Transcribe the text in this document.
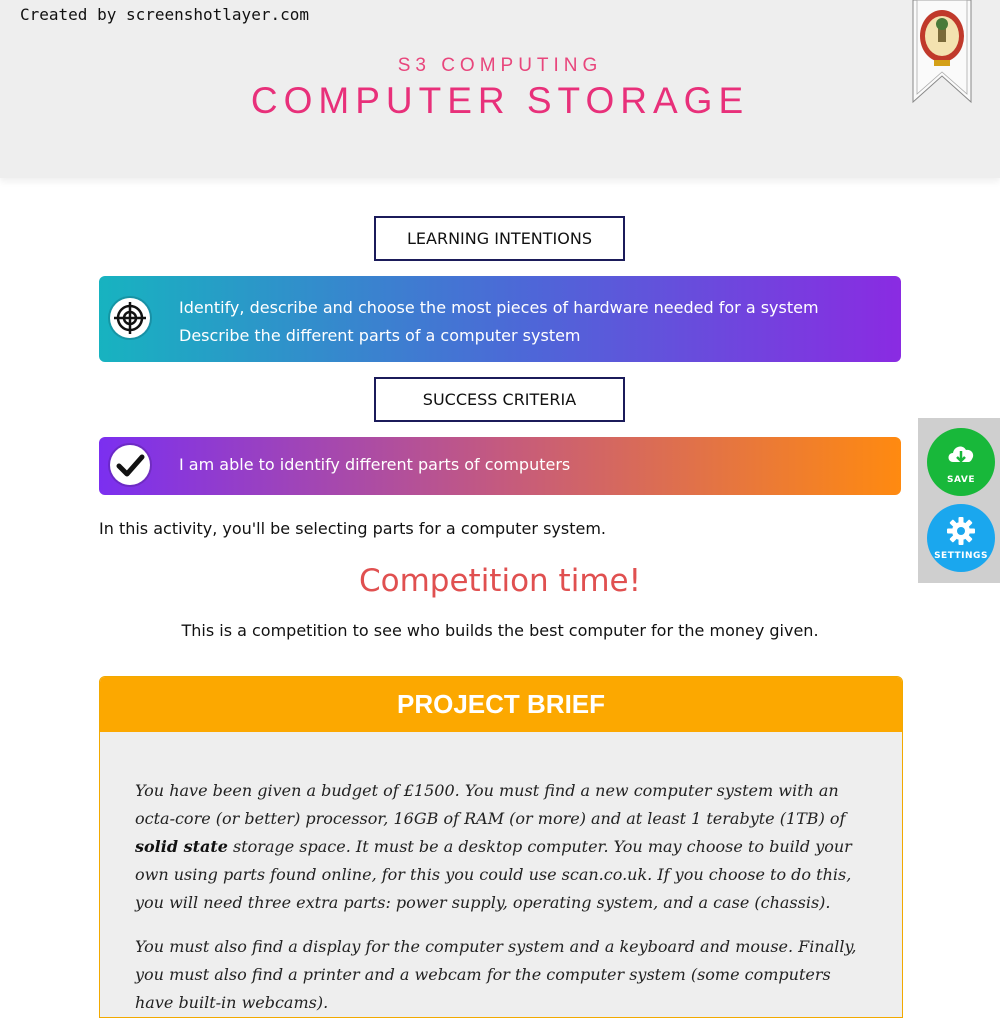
S3 COMPUTING
COMPUTER STORAGE
Created by screenshotlayer.com
LEARNING INTENTIONS
Identify, describe and choose the most pieces of hardware needed for a system
Describe the different parts of a computer system
SUCCESS CRITERIA
I am able to identify different parts of computers
In this activity, you'll be selecting parts for a computer system.
Competition time!
This is a competition to see who builds the best computer for the money given.
PROJECT BRIEF

You have been given a budget of £1500. You must find a new computer system with an octa-core (or better) processor, 16GB of RAM (or more) and at least 1 terabyte (1TB) of solid state storage space. It must be a desktop computer. You may choose to build your own using parts found online, for this you could use scan.co.uk. If you choose to do this, you will need three extra parts: power supply, operating system, and a case (chassis).

You must also find a display for the computer system and a keyboard and mouse. Finally, you must also find a printer and a webcam for the computer system (some computers have built-in webcams).

SAVE
SETTINGS
